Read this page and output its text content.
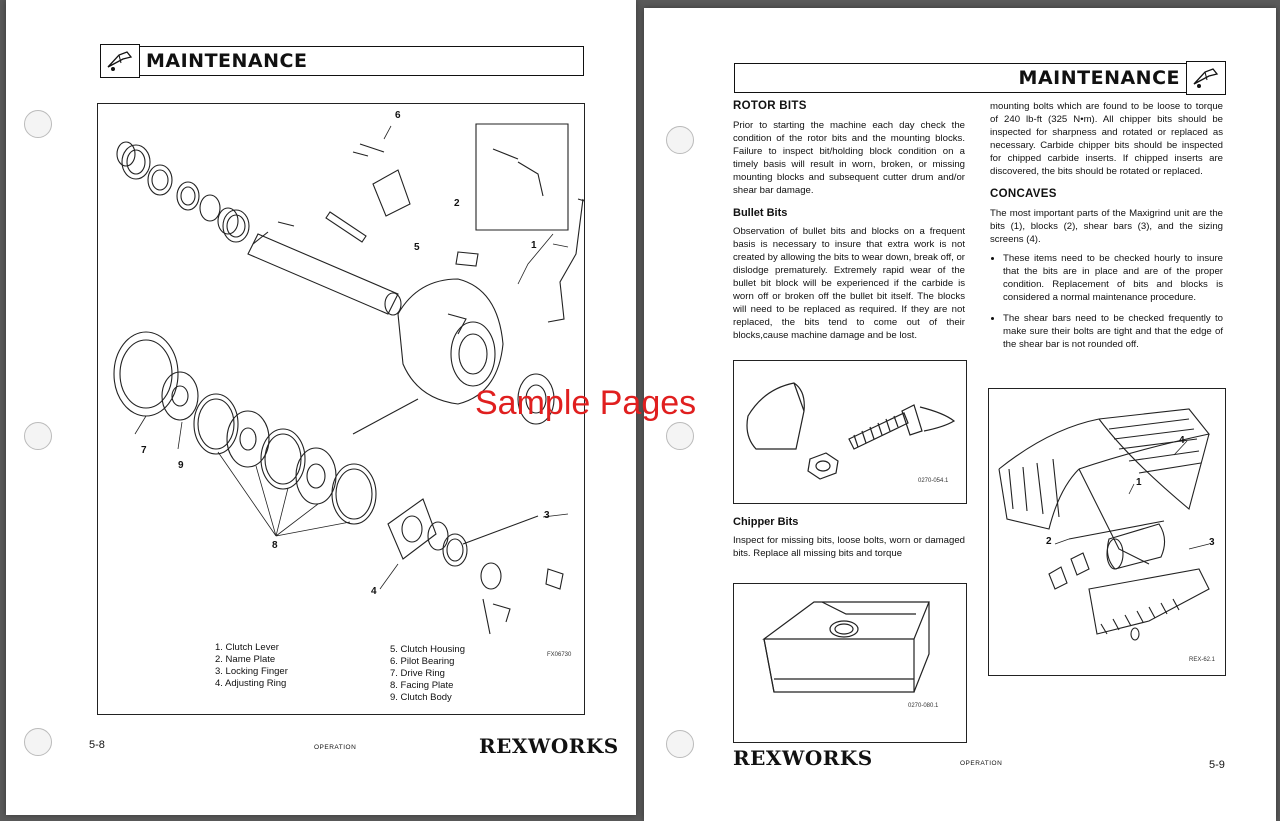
MAINTENANCE
6
2
5	1
7
9
3
8
4
1. Clutch Lever
2. Name Plate
3. Locking Finger
4. Adjusting Ring
5. Clutch Housing
6. Pilot Bearing
7. Drive Ring
8. Facing Plate
9. Clutch Body
FX06730
5-8	OPERATION	REXWORKS
MAINTENANCE
ROTOR BITS

Prior to starting the machine each day check the condition of the rotor bits and the mounting blocks. Failure to inspect bit/holding block condition on a timely basis will result in worn, broken, or missing mounting blocks and subsequent cutter drum and/or shear bar damage.

Bullet Bits

Observation of bullet bits and blocks on a frequent basis is necessary to insure that extra work is not created by allowing the bits to wear down, break off, or dislodge prematurely. Extremely rapid wear of the bullet bit block will be experienced if the carbide is worn off or broken off the bullet bit itself. The blocks will need to be replaced as required. If they are not replaced, the bits tend to come out of their blocks,cause machine damage and be lost.

0270-054.1
Chipper Bits

Inspect for missing bits, loose bolts, worn or damaged bits. Replace all missing bits and torque

0270-080.1

mounting bolts which are found to be loose to torque of 240 lb-ft (325 N•m). All chipper bits should be inspected for sharpness and rotated or replaced as necessary. Carbide chipper bits should be inspected for chipped carbide inserts. If chipped inserts are discovered, the bits should be rotated or replaced.

CONCAVES

The most important parts of the Maxigrind unit are the bits (1), blocks (2), shear bars (3), and the sizing screens (4).

• These items need to be checked hourly to insure that the bits are in place and are of the proper condition. Replacement of bits and blocks is considered a normal maintenance procedure.
• The shear bars need to be checked frequently to make sure their bolts are tight and that the edge of the shear bar is not rounded off.
4
1
2	3
REX-62.1
REXWORKS	OPERATION	5-9
Sample Pages
